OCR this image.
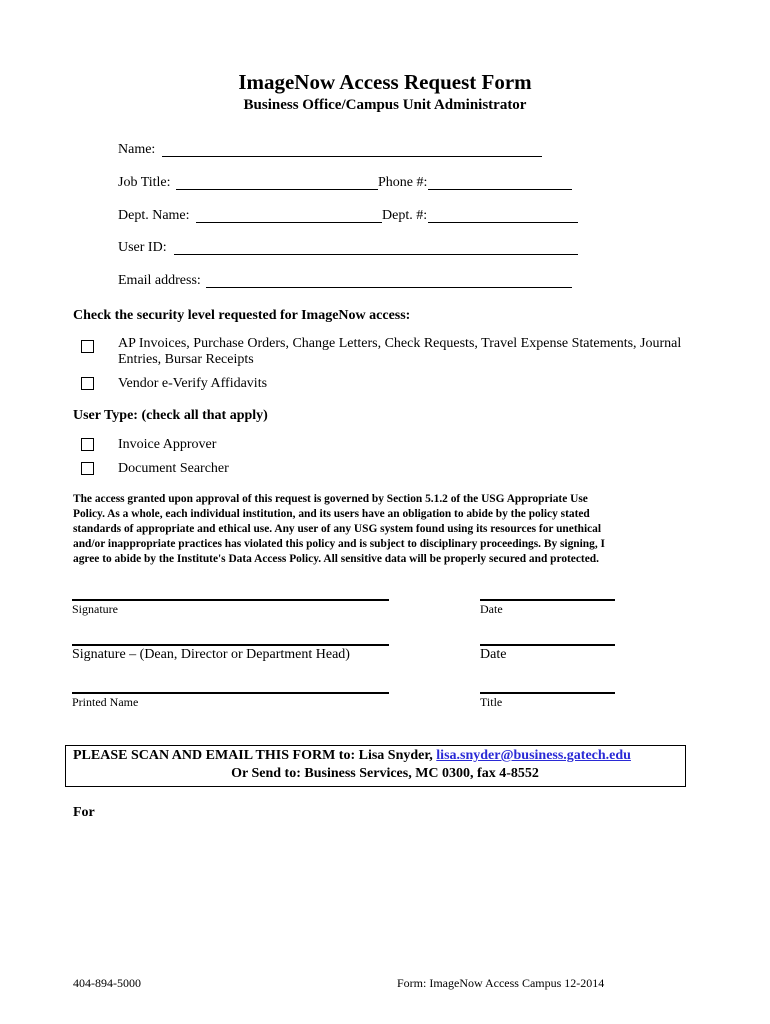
ImageNow Access Request Form
Business Office/Campus Unit Administrator
Name:
Job Title:	Phone #:
Dept. Name:	Dept. #:
User ID:
Email address:
Check the security level requested for ImageNow access:
AP Invoices, Purchase Orders, Change Letters, Check Requests, Travel Expense Statements, Journal
Entries, Bursar Receipts
Vendor e-Verify Affidavits
User Type: (check all that apply)
Invoice Approver
Document Searcher
The access granted upon approval of this request is governed by Section 5.1.2 of the USG Appropriate Use
Policy. As a whole, each individual institution, and its users have an obligation to abide by the policy stated
standards of appropriate and ethical use. Any user of any USG system found using its resources for unethical
and/or inappropriate practices has violated this policy and is subject to disciplinary proceedings. By signing, I
agree to abide by the Institute's Data Access Policy. All sensitive data will be properly secured and protected.
Signature	Date
Signature – (Dean, Director or Department Head)	Date
Printed Name	Title
PLEASE SCAN AND EMAIL THIS FORM to: Lisa Snyder, lisa.snyder@business.gatech.edu
Or Send to: Business Services, MC 0300, fax 4-8552
For
404-894-5000	Form: ImageNow Access Campus 12-2014
